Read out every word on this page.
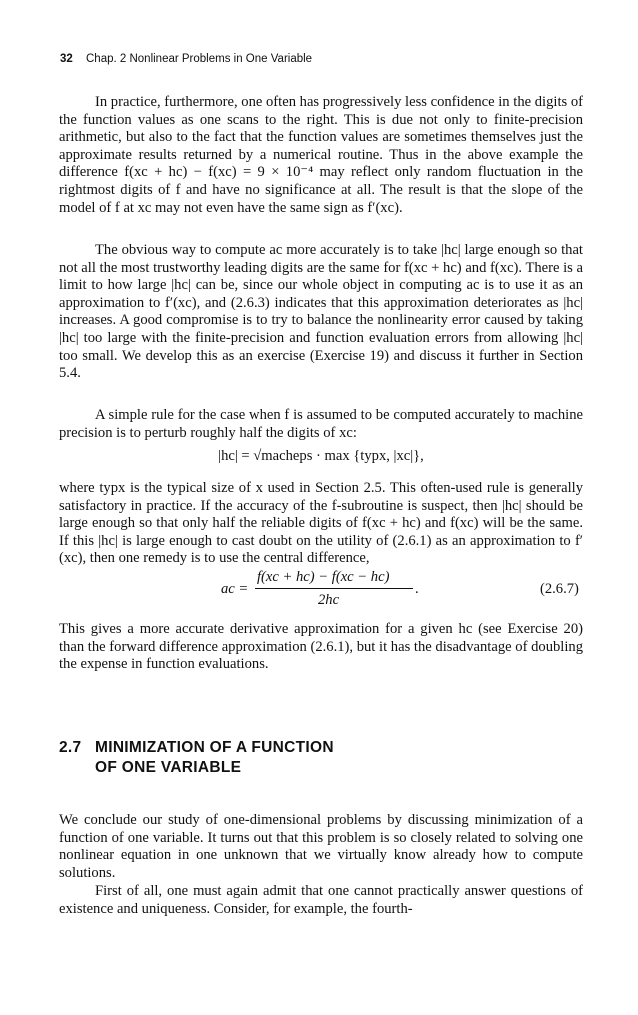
32 Chap. 2 Nonlinear Problems in One Variable

In practice, furthermore, one often has progressively less confidence in the digits of the function values as one scans to the right. This is due not only to finite-precision arithmetic, but also to the fact that the function values are sometimes themselves just the approximate results returned by a numerical routine. Thus in the above example the difference f(xc + hc) − f(xc) = 9 × 10⁻⁴ may reflect only random fluctuation in the rightmost digits of f and have no significance at all. The result is that the slope of the model of f at xc may not even have the same sign as f′(xc).

The obvious way to compute ac more accurately is to take |hc| large enough so that not all the most trustworthy leading digits are the same for f(xc + hc) and f(xc). There is a limit to how large |hc| can be, since our whole object in computing ac is to use it as an approximation to f′(xc), and (2.6.3) indicates that this approximation deteriorates as |hc| increases. A good compromise is to try to balance the nonlinearity error caused by taking |hc| too large with the finite-precision and function evaluation errors from allowing |hc| too small. We develop this as an exercise (Exercise 19) and discuss it further in Section 5.4.

A simple rule for the case when f is assumed to be computed accurately to machine precision is to perturb roughly half the digits of xc:

|hc| = √macheps · max {typx, |xc|},

where typx is the typical size of x used in Section 2.5. This often-used rule is generally satisfactory in practice. If the accuracy of the f-subroutine is suspect, then |hc| should be large enough so that only half the reliable digits of f(xc + hc) and f(xc) will be the same. If this |hc| is large enough to cast doubt on the utility of (2.6.1) as an approximation to f′(xc), then one remedy is to use the central difference,

ac =
f(xc + hc) − f(xc − hc)
2hc
.	(2.6.7)

This gives a more accurate derivative approximation for a given hc (see Exercise 20) than the forward difference approximation (2.6.1), but it has the disadvantage of doubling the expense in function evaluations.

2.7 MINIMIZATION OF A FUNCTION
OF ONE VARIABLE

We conclude our study of one-dimensional problems by discussing minimization of a function of one variable. It turns out that this problem is so closely related to solving one nonlinear equation in one unknown that we virtually know already how to compute solutions.

First of all, one must again admit that one cannot practically answer questions of existence and uniqueness. Consider, for example, the fourth-
